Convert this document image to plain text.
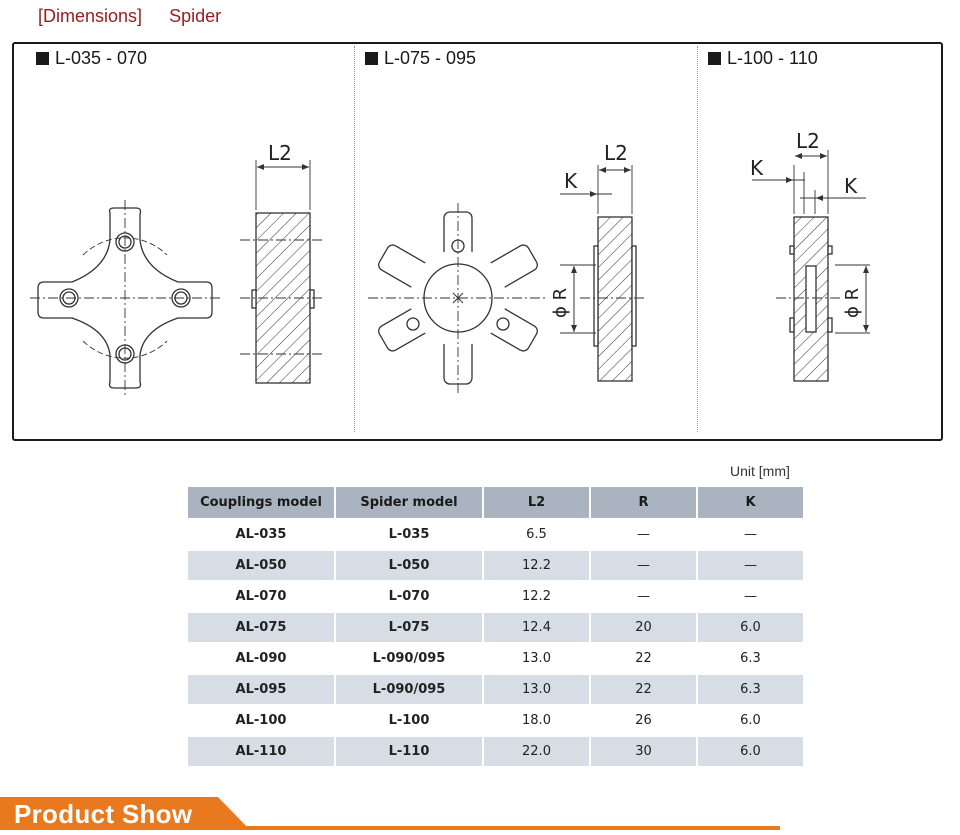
[Dimensions] Spider
L-035 - 070	L-075 - 095	L-100 - 110
L2	L2
K
ϕ R
L2
K
K
ϕ R
Unit [mm]
Couplings model	Spider model	L2	R	K
AL-035	L-035	6.5	—	—
AL-050	L-050	12.2	—	—
AL-070	L-070	12.2	—	—
AL-075	L-075	12.4	20	6.0
AL-090	L-090/095	13.0	22	6.3
AL-095	L-090/095	13.0	22	6.3
AL-100	L-100	18.0	26	6.0
AL-110	L-110	22.0	30	6.0
Product Show
